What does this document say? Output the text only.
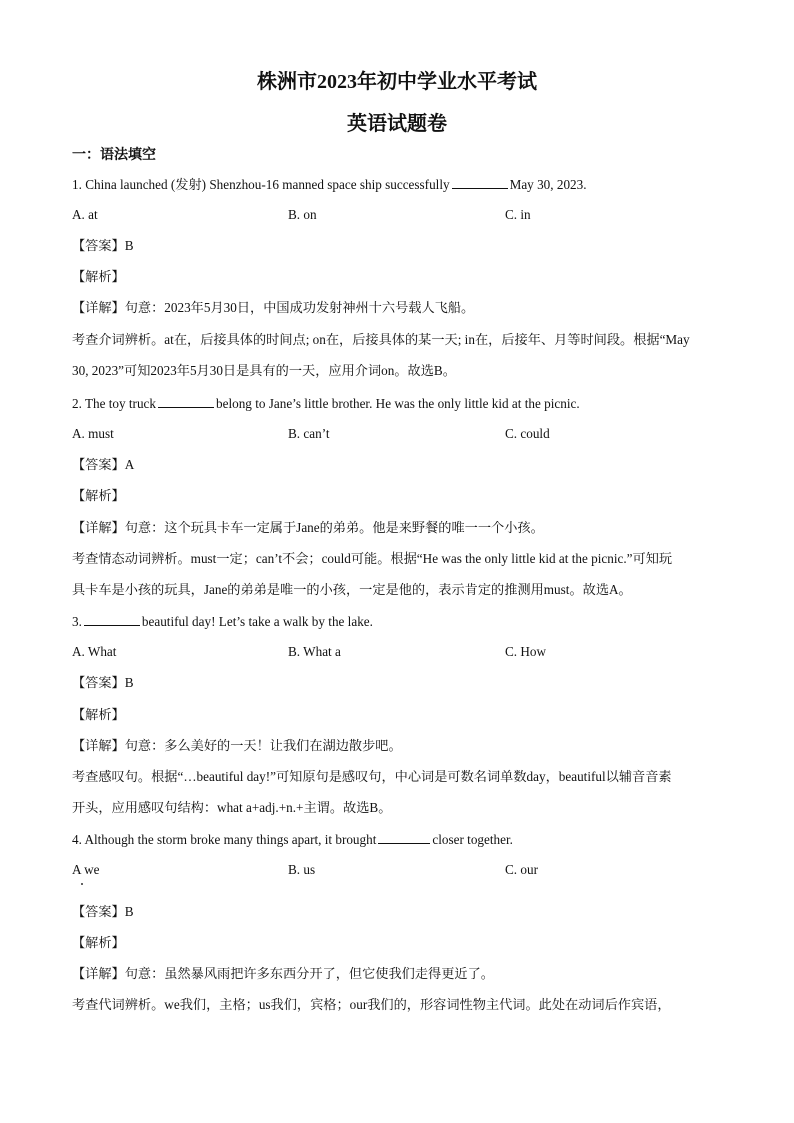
株洲市2023年初中学业水平考试
英语试题卷
一：语法填空
1. China launched (发射) Shenzhou-16 manned space ship successfully	May 30, 2023.
A. at	B. on	C. in
【答案】B
【解析】
【详解】句意：2023年5月30日，中国成功发射神州十六号载人飞船。
考查介词辨析。at在，后接具体的时间点; on在，后接具体的某一天; in在，后接年、月等时间段。根据“May
30, 2023”可知2023年5月30日是具有的一天，应用介词on。故选B。
2. The toy truck	belong to Jane’s little brother. He was the only little kid at the picnic.
A. must	B. can’t	C. could
【答案】A
【解析】
【详解】句意：这个玩具卡车一定属于Jane的弟弟。他是来野餐的唯一一个小孩。
考查情态动词辨析。must一定；can’t不会；could可能。根据“He was the only little kid at the picnic.”可知玩
具卡车是小孩的玩具，Jane的弟弟是唯一的小孩，一定是他的，表示肯定的推测用must。故选A。
3.	beautiful day! Let’s take a walk by the lake.
A. What	B. What a	C. How
【答案】B
【解析】
【详解】句意：多么美好的一天！让我们在湖边散步吧。
考查感叹句。根据“…beautiful day!”可知原句是感叹句，中心词是可数名词单数day，beautiful以辅音音素
开头，应用感叹句结构：what a+adj.+n.+主谓。故选B。
4. Although the storm broke many things apart, it brought	closer together.
A we	B. us	C. our
【答案】B
【解析】
【详解】句意：虽然暴风雨把许多东西分开了，但它使我们走得更近了。
考查代词辨析。we我们，主格；us我们，宾格；our我们的，形容词性物主代词。此处在动词后作宾语，
